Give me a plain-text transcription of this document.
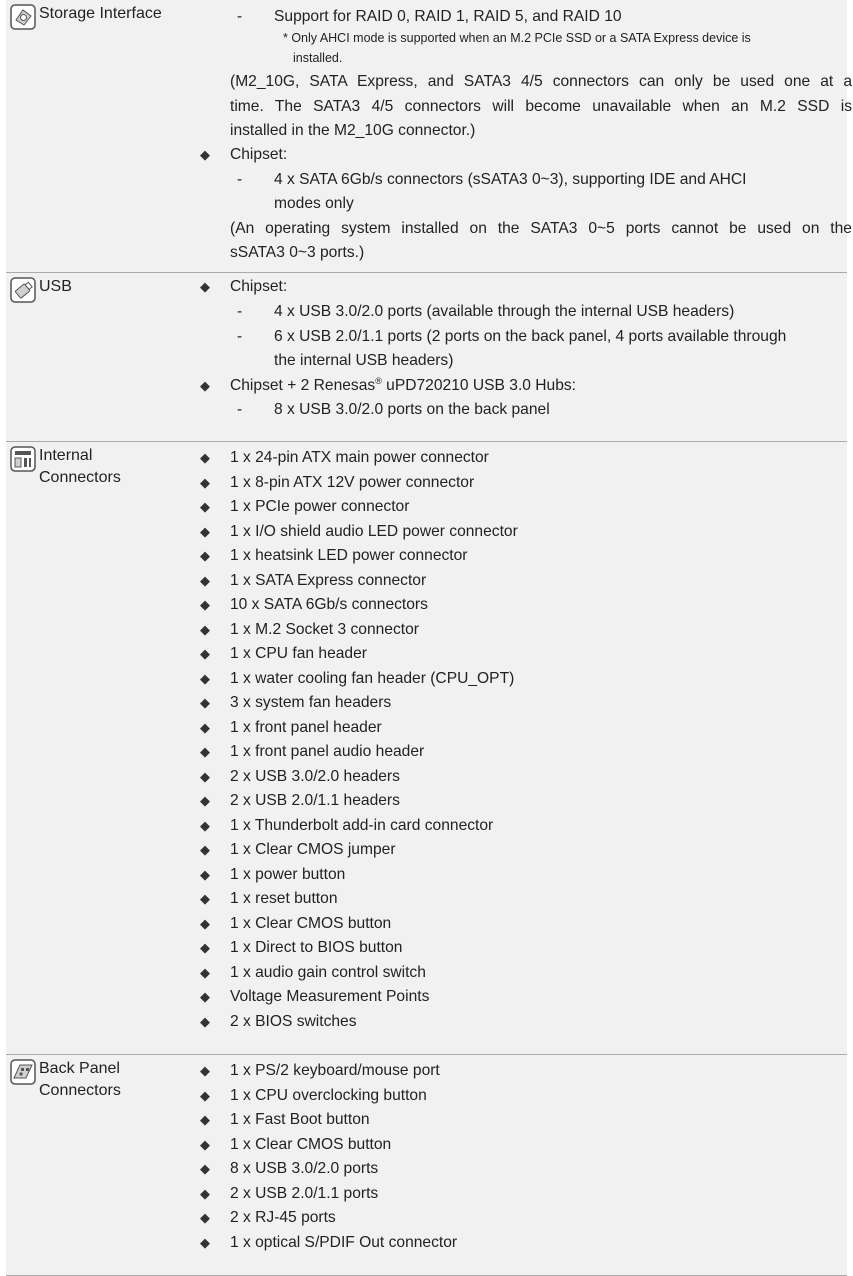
Storage Interface	- Support for RAID 0, RAID 1, RAID 5, and RAID 10
* Only AHCI mode is supported when an M.2 PCIe SSD or a SATA Express device is
installed.
(M2_10G, SATA Express, and SATA3 4/5 connectors can only be used one at a
time. The SATA3 4/5 connectors will become unavailable when an M.2 SSD is
installed in the M2_10G connector.)
◆ Chipset:
- 4 x SATA 6Gb/s connectors (sSATA3 0~3), supporting IDE and AHCI
modes only
(An operating system installed on the SATA3 0~5 ports cannot be used on the
sSATA3 0~3 ports.)
USB	◆ Chipset:
- 4 x USB 3.0/2.0 ports (available through the internal USB headers)
- 6 x USB 2.0/1.1 ports (2 ports on the back panel, 4 ports available through
the internal USB headers)
◆ Chipset + 2 Renesas® uPD720210 USB 3.0 Hubs:
- 8 x USB 3.0/2.0 ports on the back panel
Internal
Connectors
◆ 1 x 24-pin ATX main power connector
◆ 1 x 8-pin ATX 12V power connector
◆ 1 x PCIe power connector
◆ 1 x I/O shield audio LED power connector
◆ 1 x heatsink LED power connector
◆ 1 x SATA Express connector
◆ 10 x SATA 6Gb/s connectors
◆ 1 x M.2 Socket 3 connector
◆ 1 x CPU fan header
◆ 1 x water cooling fan header (CPU_OPT)
◆ 3 x system fan headers
◆ 1 x front panel header
◆ 1 x front panel audio header
◆ 2 x USB 3.0/2.0 headers
◆ 2 x USB 2.0/1.1 headers
◆ 1 x Thunderbolt add-in card connector
◆ 1 x Clear CMOS jumper
◆ 1 x power button
◆ 1 x reset button
◆ 1 x Clear CMOS button
◆ 1 x Direct to BIOS button
◆ 1 x audio gain control switch
◆ Voltage Measurement Points
◆ 2 x BIOS switches
Back Panel
Connectors
◆ 1 x PS/2 keyboard/mouse port
◆ 1 x CPU overclocking button
◆ 1 x Fast Boot button
◆ 1 x Clear CMOS button
◆ 8 x USB 3.0/2.0 ports
◆ 2 x USB 2.0/1.1 ports
◆ 2 x RJ-45 ports
◆ 1 x optical S/PDIF Out connector
